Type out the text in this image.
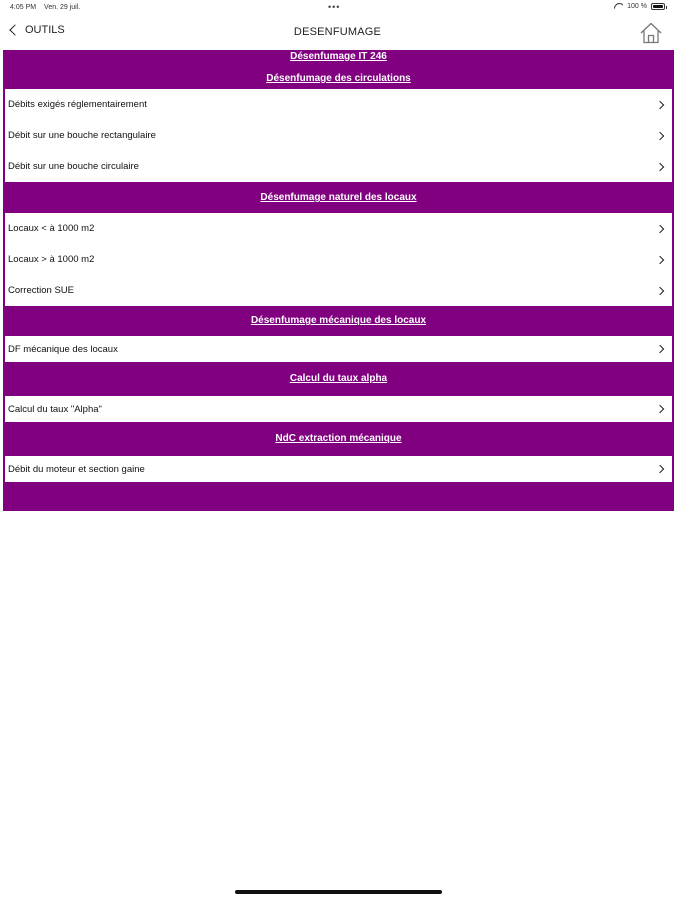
4:05 PM Ven. 29 juil.	•••	100 %
OUTILS	DESENFUMAGE
Désenfumage IT 246
Désenfumage des circulations
Débits exigés réglementairement
Débit sur une bouche rectangulaire
Débit sur une bouche circulaire
Désenfumage naturel des locaux
Locaux < à 1000 m2
Locaux > à 1000 m2
Correction SUE
Désenfumage mécanique des locaux
DF mécanique des locaux
Calcul du taux alpha
Calcul du taux "Alpha"
NdC extraction mécanique
Débit du moteur et section gaine
